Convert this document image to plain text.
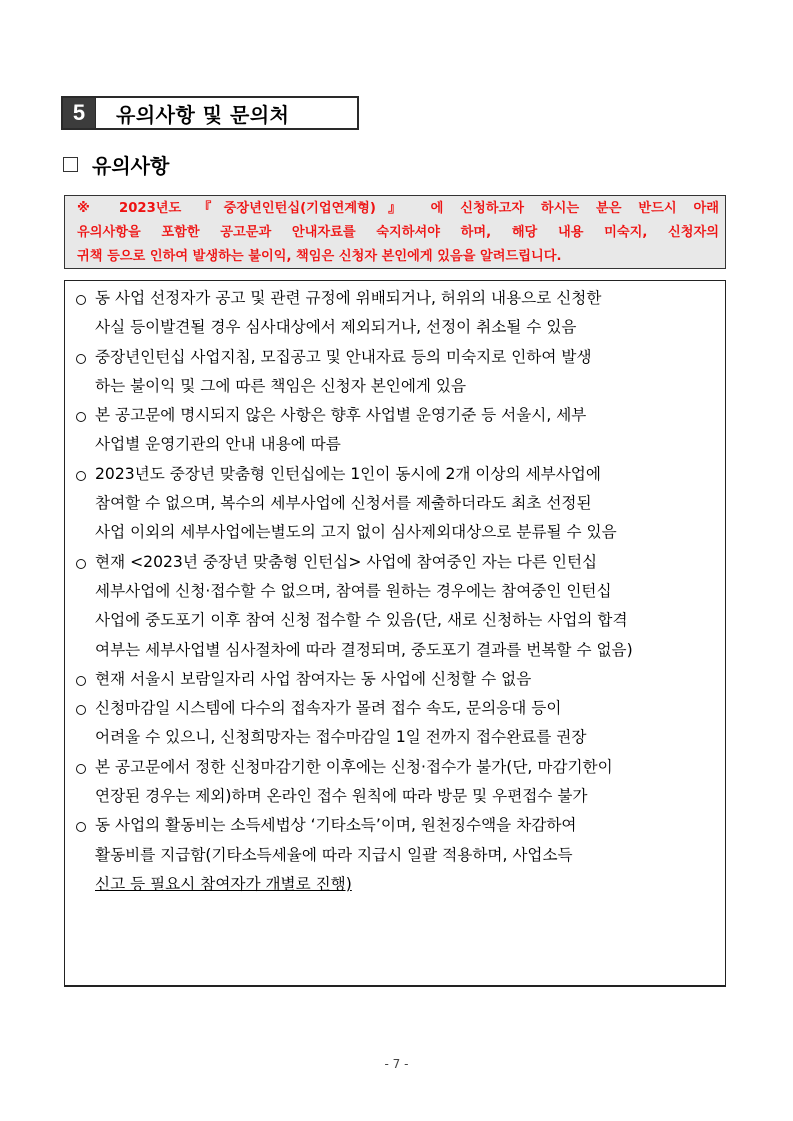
5	유의사항 및 문의처
유의사항
※ 2023년도 『중장년인턴십(기업연계형)』 에 신청하고자 하시는 분은 반드시 아래
유의사항을 포함한 공고문과 안내자료를 숙지하셔야 하며, 해당 내용 미숙지, 신청자의
귀책 등으로 인하여 발생하는 불이익, 책임은 신청자 본인에게 있음을 알려드립니다.
동 사업 선정자가 공고 및 관련 규정에 위배되거나, 허위의 내용으로 신청한
사실 등이발견될 경우 심사대상에서 제외되거나, 선정이 취소될 수 있음
중장년인턴십 사업지침, 모집공고 및 안내자료 등의 미숙지로 인하여 발생
하는 불이익 및 그에 따른 책임은 신청자 본인에게 있음
본 공고문에 명시되지 않은 사항은 향후 사업별 운영기준 등 서울시, 세부
사업별 운영기관의 안내 내용에 따름
2023년도 중장년 맞춤형 인턴십에는 1인이 동시에 2개 이상의 세부사업에
참여할 수 없으며, 복수의 세부사업에 신청서를 제출하더라도 최초 선정된
사업 이외의 세부사업에는별도의 고지 없이 심사제외대상으로 분류될 수 있음
현재 <2023년 중장년 맞춤형 인턴십> 사업에 참여중인 자는 다른 인턴십
세부사업에 신청·접수할 수 없으며, 참여를 원하는 경우에는 참여중인 인턴십
사업에 중도포기 이후 참여 신청 접수할 수 있음(단, 새로 신청하는 사업의 합격
여부는 세부사업별 심사절차에 따라 결정되며, 중도포기 결과를 번복할 수 없음)
현재 서울시 보람일자리 사업 참여자는 동 사업에 신청할 수 없음
신청마감일 시스템에 다수의 접속자가 몰려 접수 속도, 문의응대 등이
어려울 수 있으니, 신청희망자는 접수마감일 1일 전까지 접수완료를 권장
본 공고문에서 정한 신청마감기한 이후에는 신청·접수가 불가(단, 마감기한이
연장된 경우는 제외)하며 온라인 접수 원칙에 따라 방문 및 우편접수 불가
동 사업의 활동비는 소득세법상 ‘기타소득’이며, 원천징수액을 차감하여
활동비를 지급함(기타소득세율에 따라 지급시 일괄 적용하며, 사업소득
신고 등 필요시 참여자가 개별로 진행)
- 7 -
